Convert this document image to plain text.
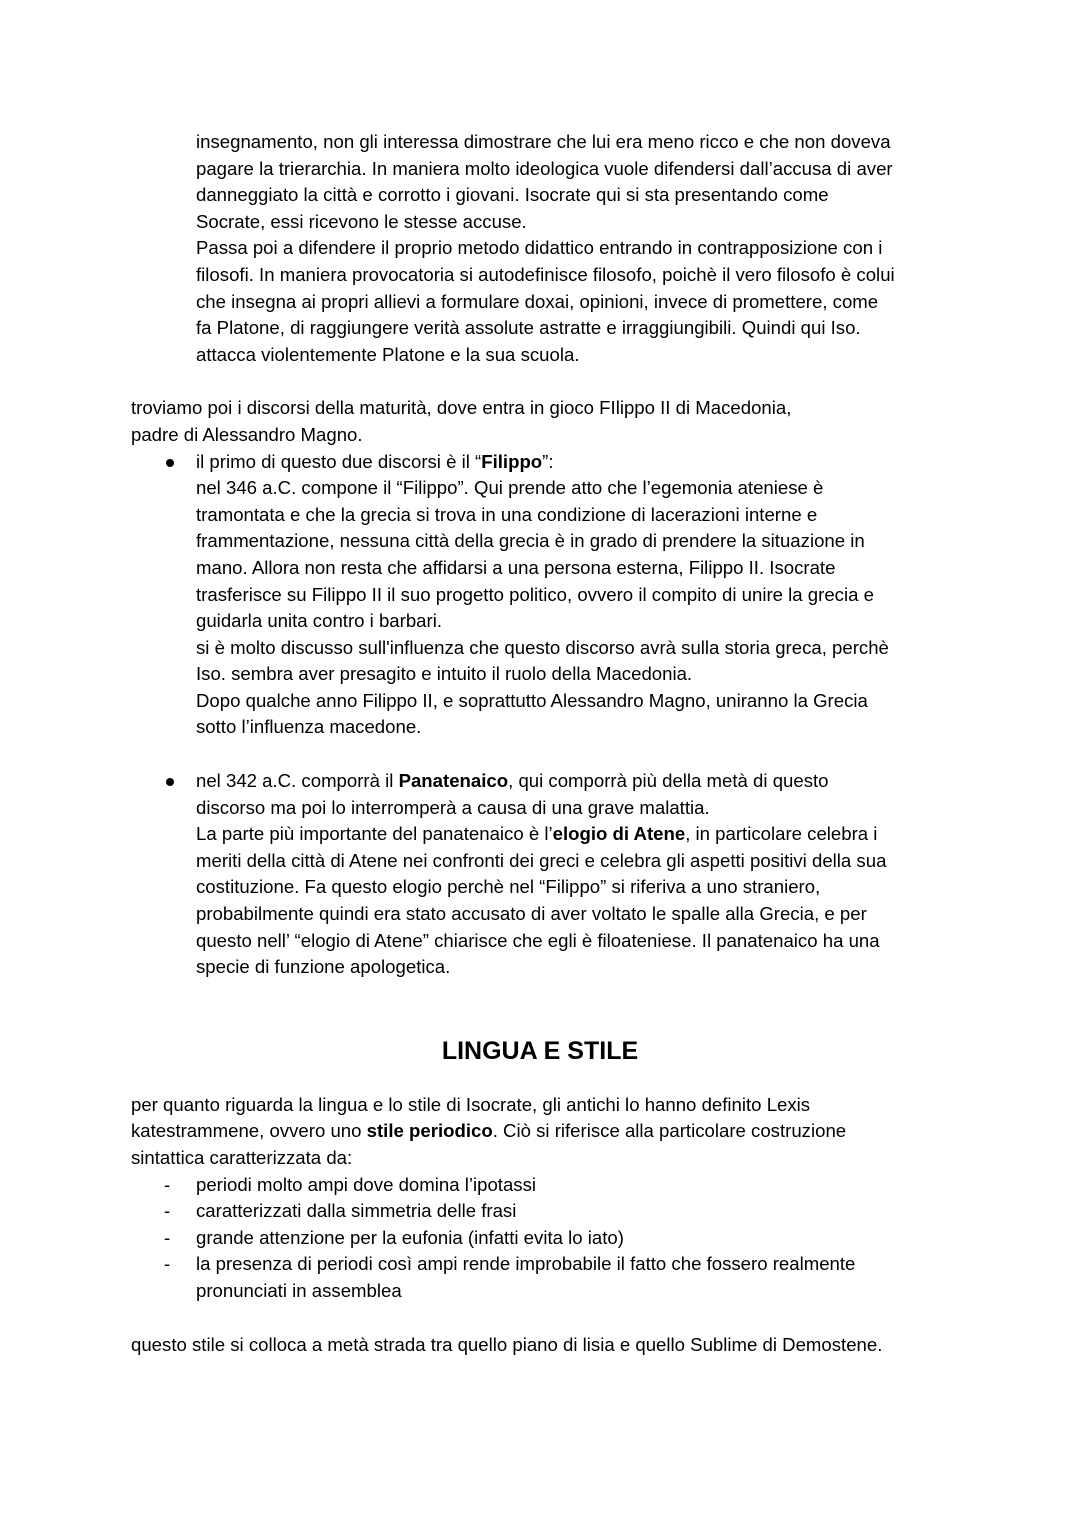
insegnamento, non gli interessa dimostrare che lui era meno ricco e che non doveva
pagare la trierarchia. In maniera molto ideologica vuole difendersi dall’accusa di aver
danneggiato la città e corrotto i giovani. Isocrate qui si sta presentando come
Socrate, essi ricevono le stesse accuse.
Passa poi a difendere il proprio metodo didattico entrando in contrapposizione con i
filosofi. In maniera provocatoria si autodefinisce filosofo, poichè il vero filosofo è colui
che insegna ai propri allievi a formulare doxai, opinioni, invece di promettere, come
fa Platone, di raggiungere verità assolute astratte e irraggiungibili. Quindi qui Iso.
attacca violentemente Platone e la sua scuola.
troviamo poi i discorsi della maturità, dove entra in gioco FIlippo II di Macedonia,
padre di Alessandro Magno.
il primo di questo due discorsi è il “Filippo”:
nel 346 a.C. compone il “Filippo”. Qui prende atto che l’egemonia ateniese è
tramontata e che la grecia si trova in una condizione di lacerazioni interne e
frammentazione, nessuna città della grecia è in grado di prendere la situazione in
mano. Allora non resta che affidarsi a una persona esterna, Filippo II. Isocrate
trasferisce su Filippo II il suo progetto politico, ovvero il compito di unire la grecia e
guidarla unita contro i barbari.
si è molto discusso sull'influenza che questo discorso avrà sulla storia greca, perchè
Iso. sembra aver presagito e intuito il ruolo della Macedonia.
Dopo qualche anno Filippo II, e soprattutto Alessandro Magno, uniranno la Grecia
sotto l’influenza macedone.
nel 342 a.C. comporrà il Panatenaico, qui comporrà più della metà di questo
discorso ma poi lo interromperà a causa di una grave malattia.
La parte più importante del panatenaico è l’elogio di Atene, in particolare celebra i
meriti della città di Atene nei confronti dei greci e celebra gli aspetti positivi della sua
costituzione. Fa questo elogio perchè nel “Filippo” si riferiva a uno straniero,
probabilmente quindi era stato accusato di aver voltato le spalle alla Grecia, e per
questo nell’ “elogio di Atene” chiarisce che egli è filoateniese. Il panatenaico ha una
specie di funzione apologetica.
LINGUA E STILE
per quanto riguarda la lingua e lo stile di Isocrate, gli antichi lo hanno definito Lexis
katestrammene, ovvero uno stile periodico. Ciò si riferisce alla particolare costruzione
sintattica caratterizzata da:
- periodi molto ampi dove domina l’ipotassi
- caratterizzati dalla simmetria delle frasi
- grande attenzione per la eufonia (infatti evita lo iato)
- la presenza di periodi così ampi rende improbabile il fatto che fossero realmente
pronunciati in assemblea
questo stile si colloca a metà strada tra quello piano di lisia e quello Sublime di Demostene.
